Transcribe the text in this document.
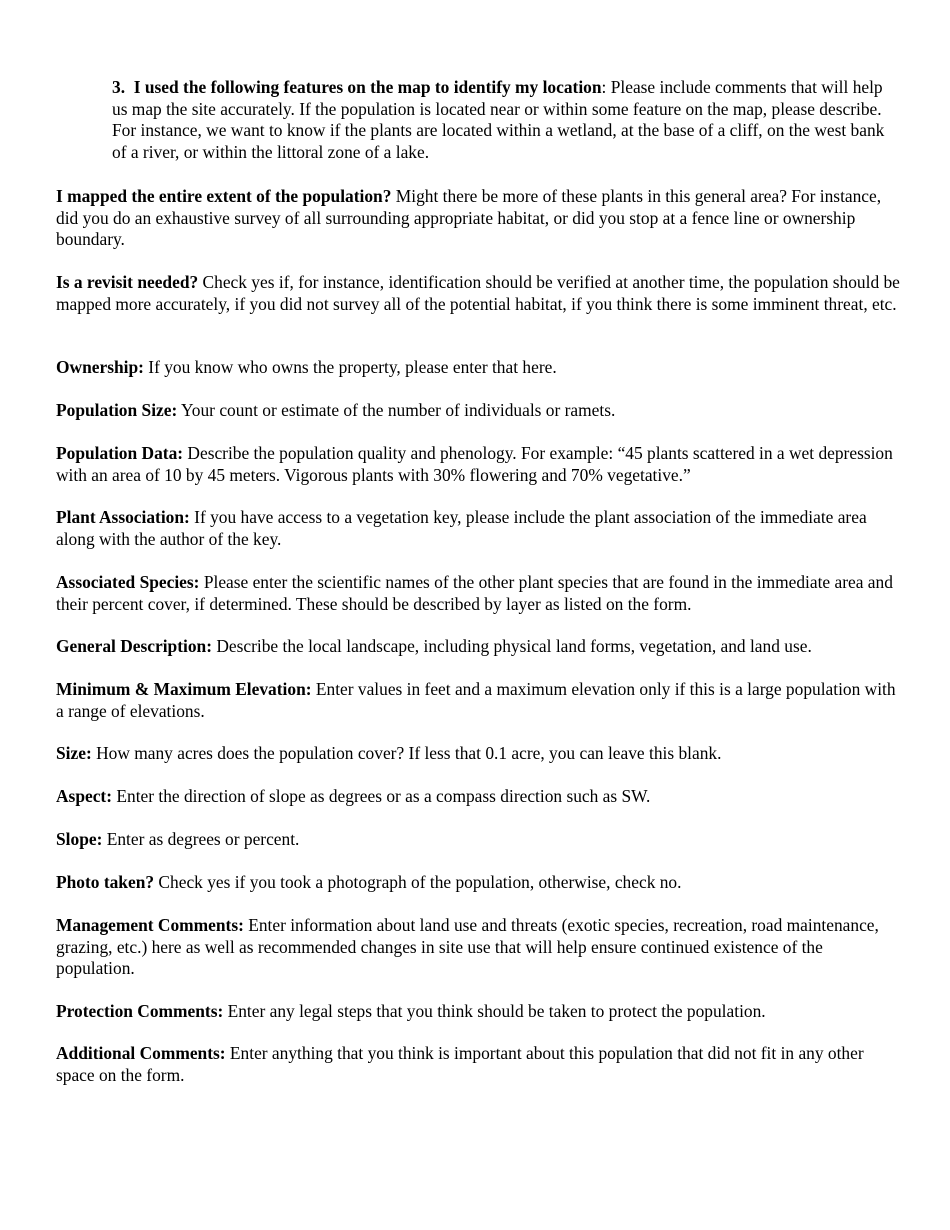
3. I used the following features on the map to identify my location: Please include comments that will help us map the site accurately. If the population is located near or within some feature on the map, please describe. For instance, we want to know if the plants are located within a wetland, at the base of a cliff, on the west bank of a river, or within the littoral zone of a lake.

I mapped the entire extent of the population? Might there be more of these plants in this general area? For instance, did you do an exhaustive survey of all surrounding appropriate habitat, or did you stop at a fence line or ownership boundary.

Is a revisit needed? Check yes if, for instance, identification should be verified at another time, the population should be mapped more accurately, if you did not survey all of the potential habitat, if you think there is some imminent threat, etc.

Ownership: If you know who owns the property, please enter that here.

Population Size: Your count or estimate of the number of individuals or ramets.

Population Data: Describe the population quality and phenology. For example: “45 plants scattered in a wet depression with an area of 10 by 45 meters. Vigorous plants with 30% flowering and 70% vegetative.”

Plant Association: If you have access to a vegetation key, please include the plant association of the immediate area along with the author of the key.

Associated Species: Please enter the scientific names of the other plant species that are found in the immediate area and their percent cover, if determined. These should be described by layer as listed on the form.

General Description: Describe the local landscape, including physical land forms, vegetation, and land use.

Minimum & Maximum Elevation: Enter values in feet and a maximum elevation only if this is a large population with a range of elevations.

Size: How many acres does the population cover? If less that 0.1 acre, you can leave this blank.

Aspect: Enter the direction of slope as degrees or as a compass direction such as SW.

Slope: Enter as degrees or percent.

Photo taken? Check yes if you took a photograph of the population, otherwise, check no.

Management Comments: Enter information about land use and threats (exotic species, recreation, road maintenance, grazing, etc.) here as well as recommended changes in site use that will help ensure continued existence of the population.

Protection Comments: Enter any legal steps that you think should be taken to protect the population.

Additional Comments: Enter anything that you think is important about this population that did not fit in any other space on the form.
